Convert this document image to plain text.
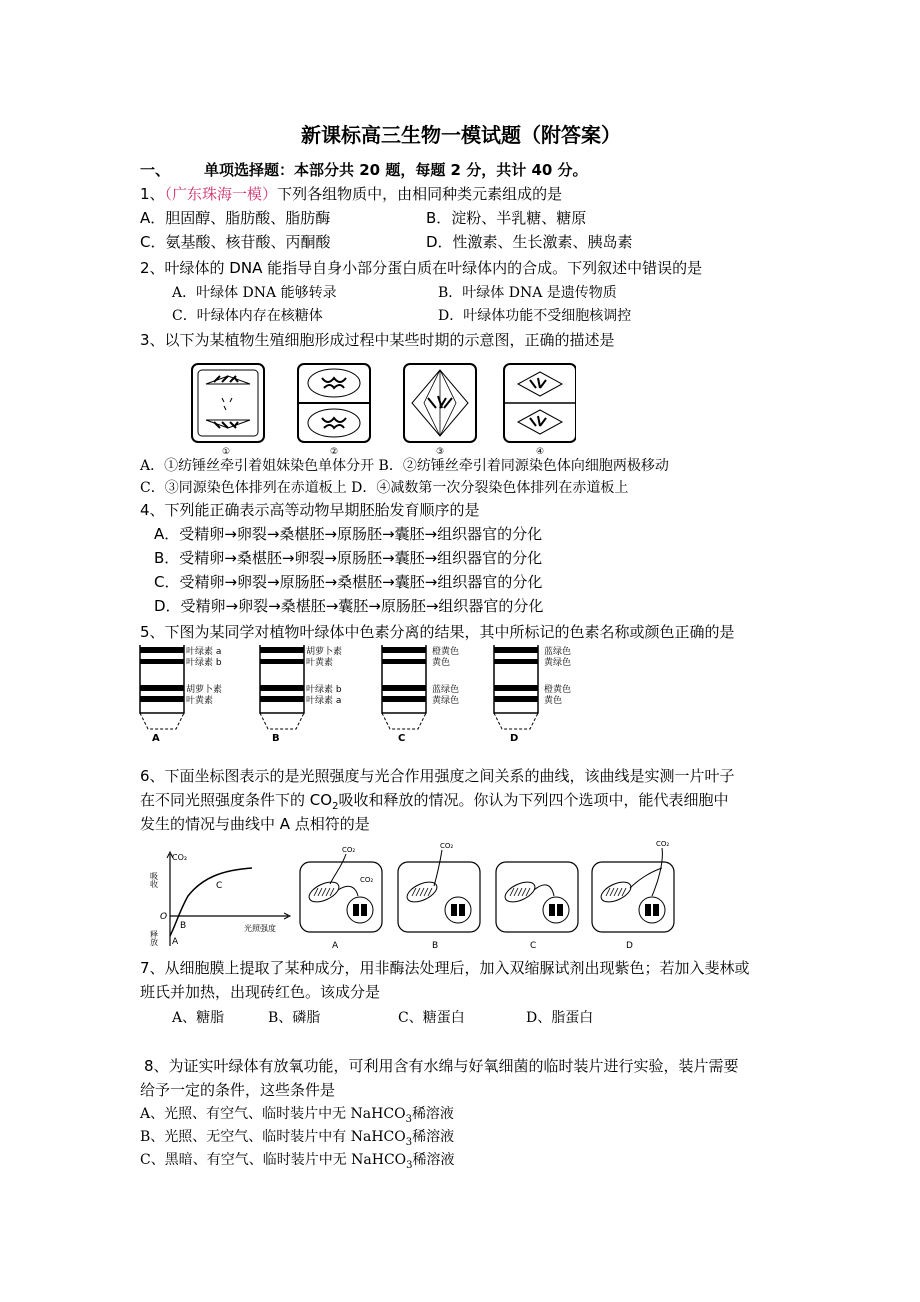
新课标高三生物一模试题（附答案）
一、 单项选择题：本部分共 20 题，每题 2 分，共计 40 分。
1、（广东珠海一模）下列各组物质中，由相同种类元素组成的是
A．胆固醇、脂肪酸、脂肪酶	B．淀粉、半乳糖、糖原
C．氨基酸、核苷酸、丙酮酸	D．性激素、生长激素、胰岛素
2、叶绿体的 DNA 能指导自身小部分蛋白质在叶绿体内的合成。下列叙述中错误的是
A．叶绿体 DNA 能够转录	B．叶绿体 DNA 是遗传物质
C．叶绿体内存在核糖体	D．叶绿体功能不受细胞核调控
3、以下为某植物生殖细胞形成过程中某些时期的示意图，正确的描述是
①	②	③	④
A．①纺锤丝牵引着姐妹染色单体分开 B．②纺锤丝牵引着同源染色体向细胞两极移动
C．③同源染色体排列在赤道板上 D．④减数第一次分裂染色体排列在赤道板上
4、下列能正确表示高等动物早期胚胎发育顺序的是
A．受精卵→卵裂→桑椹胚→原肠胚→囊胚→组织器官的分化
B．受精卵→桑椹胚→卵裂→原肠胚→囊胚→组织器官的分化
C．受精卵→卵裂→原肠胚→桑椹胚→囊胚→组织器官的分化
D．受精卵→卵裂→桑椹胚→囊胚→原肠胚→组织器官的分化
5、下图为某同学对植物叶绿体中色素分离的结果，其中所标记的色素名称或颜色正确的是
叶绿素 a
叶绿素 b
胡萝卜素
叶黄素
A
胡萝卜素
叶黄素
叶绿素 b
叶绿素 a
B
橙黄色
黄色
蓝绿色
黄绿色
C
蓝绿色
黄绿色
橙黄色
黄色
D
6、下面坐标图表示的是光照强度与光合作用强度之间关系的曲线，该曲线是实测一片叶子
在不同光照强度条件下的 $CO_2$吸收和释放的情况。你认为下列四个选项中，能代表细胞中
发生的情况与曲线中 A 点相符的是
CO₂
吸收
释放
O
光照强度
A
B
C
CO₂
CO₂
A
CO₂
B	C
CO₂
D
7、从细胞膜上提取了某种成分，用非酶法处理后，加入双缩脲试剂出现紫色；若加入斐林或
班氏并加热，出现砖红色。该成分是
A、糖脂	B、磷脂	C、糖蛋白	D、脂蛋白
8、为证实叶绿体有放氧功能，可利用含有水绵与好氧细菌的临时装片进行实验，装片需要
给予一定的条件，这些条件是
A、光照、有空气、临时装片中无 NaHCO$_3$稀溶液
B、光照、无空气、临时装片中有 NaHCO$_3$稀溶液
C、黑暗、有空气、临时装片中无 NaHCO$_3$稀溶液
